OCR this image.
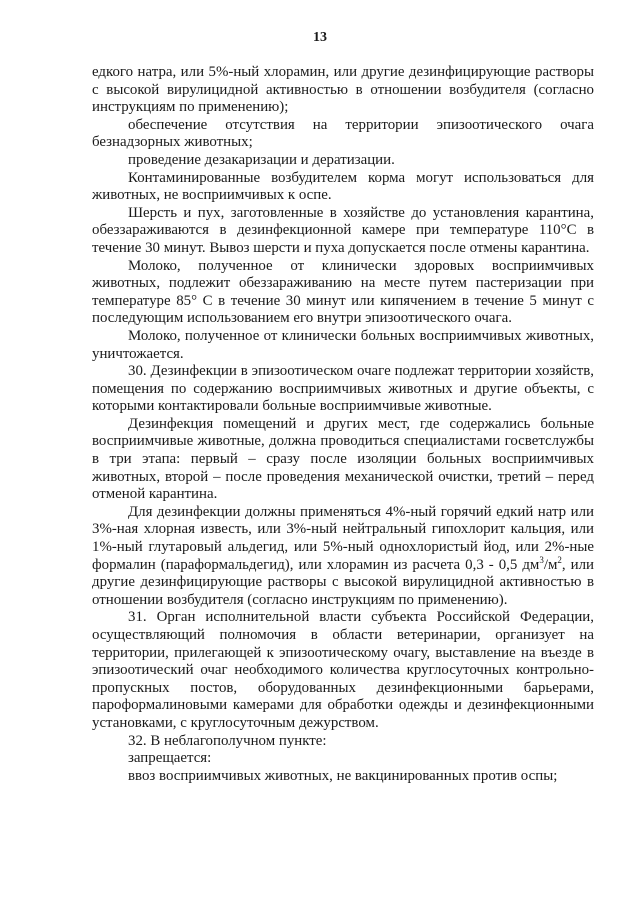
13

едкого натра, или 5%-ный хлорамин, или другие дезинфицирующие растворы с высокой вирулицидной активностью в отношении возбудителя (согласно инструкциям по применению);

обеспечение отсутствия на территории эпизоотического очага безнадзорных животных;

проведение дезакаризации и дератизации.

Контаминированные возбудителем корма могут использоваться для животных, не восприимчивых к оспе.

Шерсть и пух, заготовленные в хозяйстве до установления карантина, обеззараживаются в дезинфекционной камере при температуре 110°С в течение 30 минут. Вывоз шерсти и пуха допускается после отмены карантина.

Молоко, полученное от клинически здоровых восприимчивых животных, подлежит обеззараживанию на месте путем пастеризации при температуре 85° С в течение 30 минут или кипячением в течение 5 минут с последующим использованием его внутри эпизоотического очага.

Молоко, полученное от клинически больных восприимчивых животных, уничтожается.

30. Дезинфекции в эпизоотическом очаге подлежат территории хозяйств, помещения по содержанию восприимчивых животных и другие объекты, с которыми контактировали больные восприимчивые животные.

Дезинфекция помещений и других мест, где содержались больные восприимчивые животные, должна проводиться специалистами госветслужбы в три этапа: первый – сразу после изоляции больных восприимчивых животных, второй – после проведения механической очистки, третий – перед отменой карантина.

Для дезинфекции должны применяться 4%-ный горячий едкий натр или 3%-ная хлорная известь, или 3%-ный нейтральный гипохлорит кальция, или 1%-ный глутаровый альдегид, или 5%-ный однохлористый йод, или 2%-ные формалин (параформальдегид), или хлорамин из расчета 0,3 - 0,5 $дм^3/м^2$, или другие дезинфицирующие растворы с высокой вирулицидной активностью в отношении возбудителя (согласно инструкциям по применению).

31. Орган исполнительной власти субъекта Российской Федерации, осуществляющий полномочия в области ветеринарии, организует на территории, прилегающей к эпизоотическому очагу, выставление на въезде в эпизоотический очаг необходимого количества круглосуточных контрольно-пропускных постов, оборудованных дезинфекционными барьерами, пароформалиновыми камерами для обработки одежды и дезинфекционными установками, с круглосуточным дежурством.

32. В неблагополучном пункте:

запрещается:

ввоз восприимчивых животных, не вакцинированных против оспы;
